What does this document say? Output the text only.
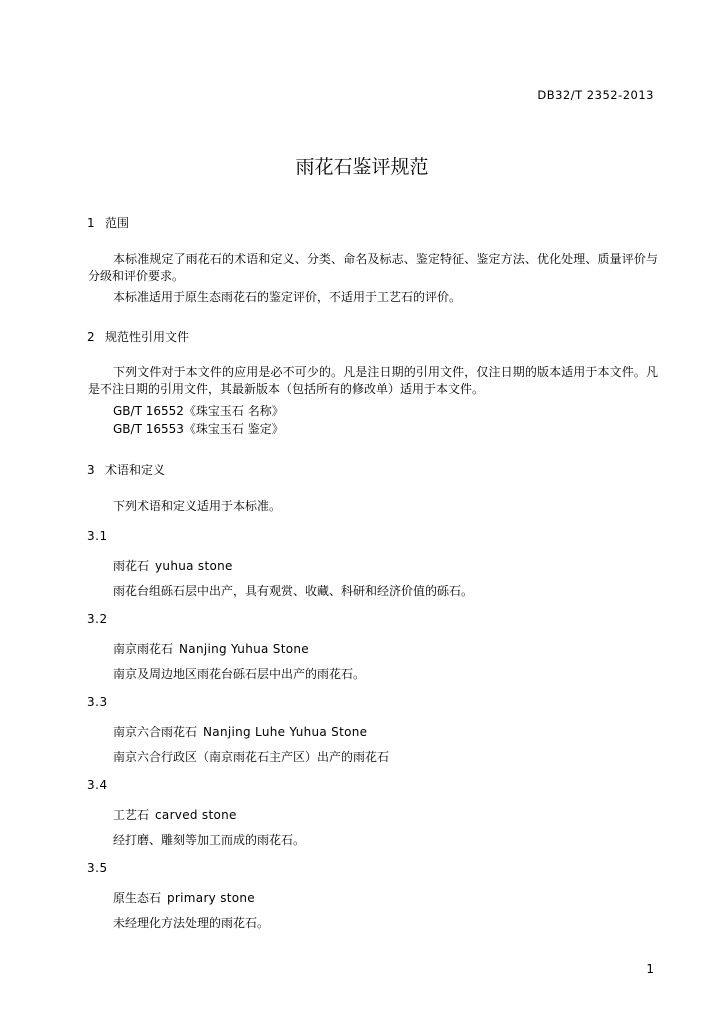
DB32/T 2352-2013
雨花石鉴评规范
1 范围
本标准规定了雨花石的术语和定义、分类、命名及标志、鉴定特征、鉴定方法、优化处理、质量评价与分级和评价要求。
本标准适用于原生态雨花石的鉴定评价，不适用于工艺石的评价。
2 规范性引用文件
下列文件对于本文件的应用是必不可少的。凡是注日期的引用文件，仅注日期的版本适用于本文件。凡是不注日期的引用文件，其最新版本（包括所有的修改单）适用于本文件。
GB/T 16552《珠宝玉石 名称》
GB/T 16553《珠宝玉石 鉴定》
3 术语和定义
下列术语和定义适用于本标准。
3.1
雨花石 yuhua stone
雨花台组砾石层中出产，具有观赏、收藏、科研和经济价值的砾石。
3.2
南京雨花石 Nanjing Yuhua Stone
南京及周边地区雨花台砾石层中出产的雨花石。
3.3
南京六合雨花石 Nanjing Luhe Yuhua Stone
南京六合行政区（南京雨花石主产区）出产的雨花石
3.4
工艺石 carved stone
经打磨、雕刻等加工而成的雨花石。
3.5
原生态石 primary stone
未经理化方法处理的雨花石。
1
